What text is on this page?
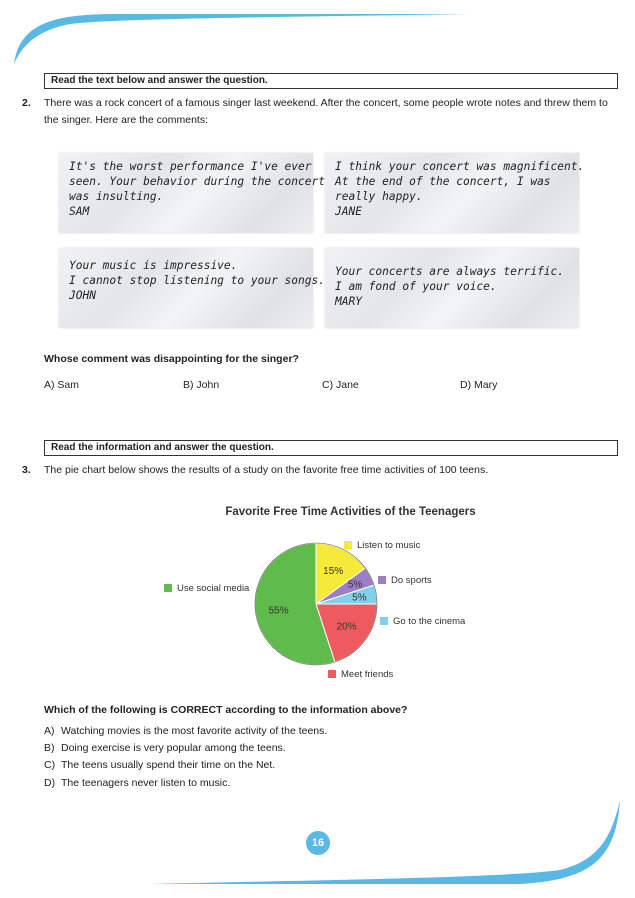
Read the text below and answer the question.
2. There was a rock concert of a famous singer last weekend. After the concert, some people wrote notes and threw them to the singer. Here are the comments:
It's the worst performance I've ever
seen. Your behavior during the concert
was insulting.
SAM
I think your concert was magnificent.
At the end of the concert, I was
really happy.
JANE
Your music is impressive.
I cannot stop listening to your songs.
JOHN
Your concerts are always terrific.
I am fond of your voice.
MARY
Whose comment was disappointing for the singer?
A) Sam	B) John	C) Jane	D) Mary
Read the information and answer the question.
3. The pie chart below shows the results of a study on the favorite free time activities of 100 teens.
Favorite Free Time Activities of the Teenagers
15%
5%
5%
20%
55%
Listen to music
Do sports
Go to the cinema
Meet friends
Use social media
Which of the following is CORRECT according to the information above?
A) Watching movies is the most favorite activity of the teens.
B) Doing exercise is very popular among the teens.
C) The teens usually spend their time on the Net.
D) The teenagers never listen to music.
16
